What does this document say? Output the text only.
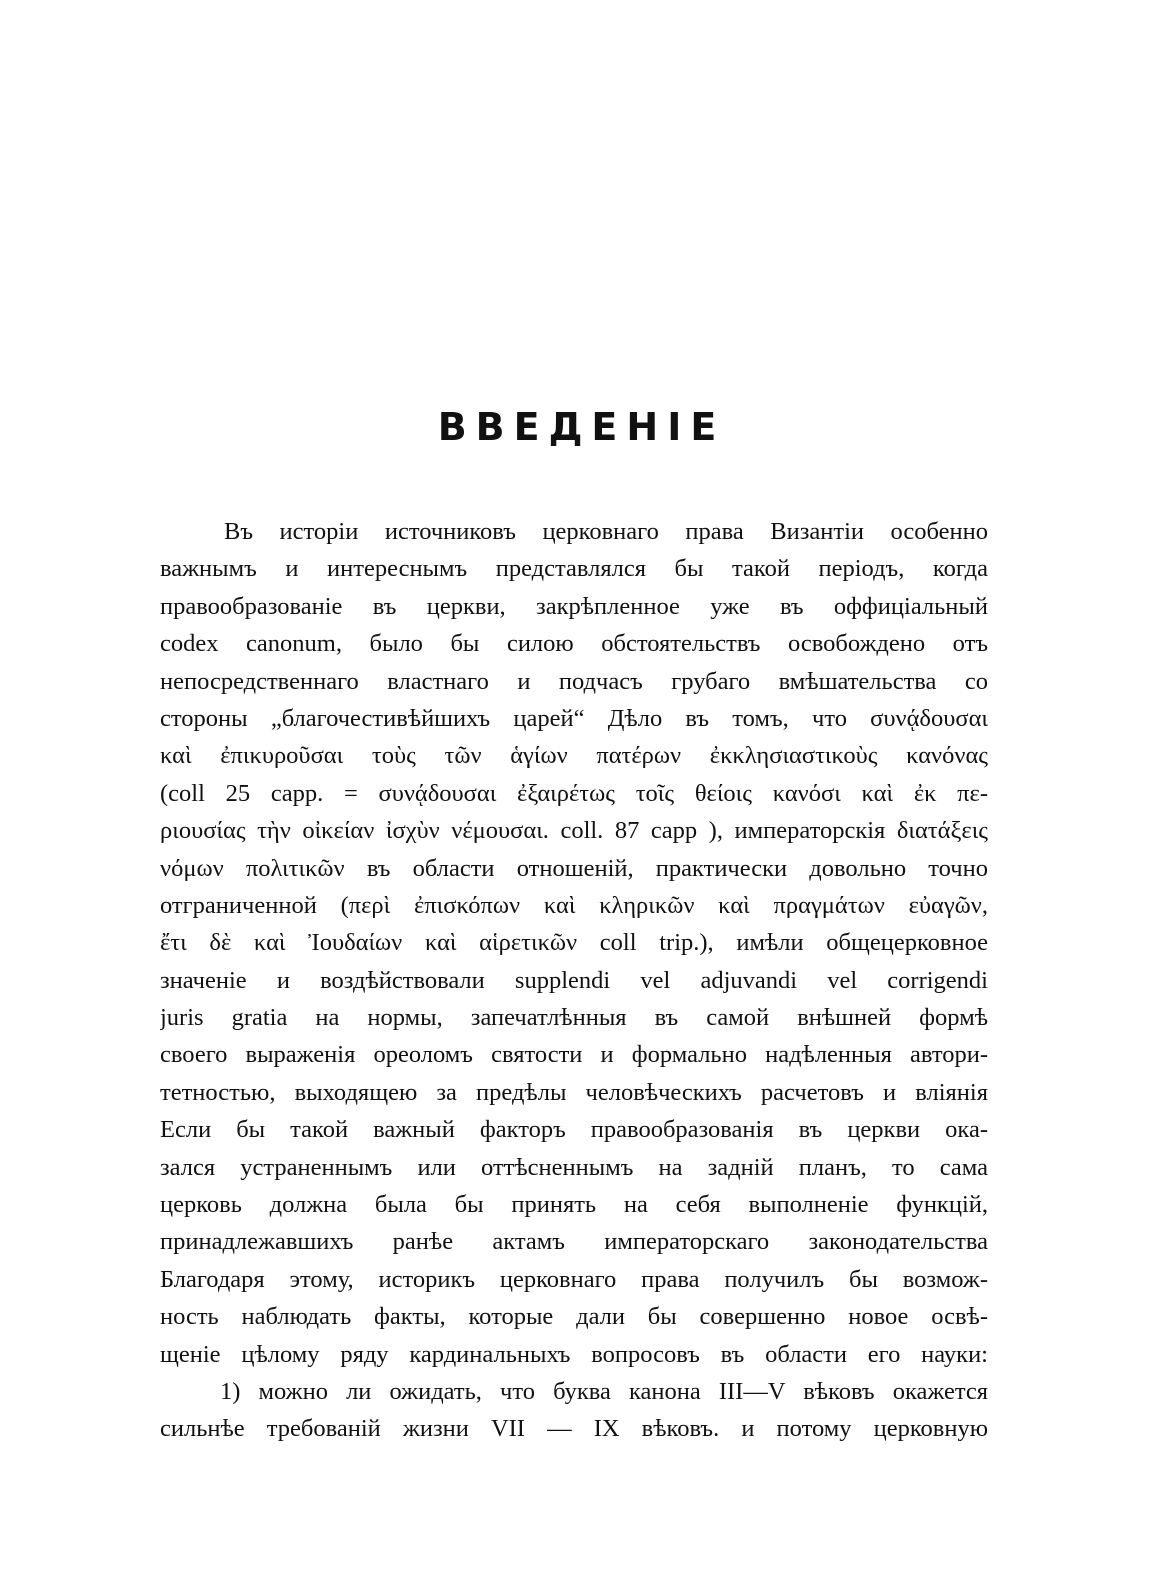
ВВЕДЕНІЕ
Въ исторіи источниковъ церковнаго права Византіи особенно
важнымъ и интереснымъ представлялся бы такой періодъ, когда
правообразованіе въ церкви, закрѣпленное уже въ оффиціальный
codex canonum, было бы силою обстоятельствъ освобождено отъ
непосредственнаго властнаго и подчасъ грубаго вмѣшательства со
стороны „благочестивѣйшихъ царей“ Дѣло въ томъ, что συνᾴδουσαι
καὶ ἐπικυροῦσαι τοὺς τῶν ἁγίων πατέρων ἐκκλησιαστικοὺς κανόνας
(coll 25 capp. = συνᾴδουσαι ἐξαιρέτως τοῖς θείοις κανόσι καὶ ἐκ πε-
ριουσίας τὴν οἰκείαν ἰσχὺν νέμουσαι. coll. 87 capp ), императорскія διατάξεις
νόμων πολιτικῶν въ области отношеній, практически довольно точно
отграниченной (περὶ ἐπισκόπων καὶ κληρικῶν καὶ πραγμάτων εὐαγῶν,
ἔτι δὲ καὶ Ἰουδαίων καὶ αἱρετικῶν coll trip.), имѣли общецерковное
значеніе и воздѣйствовали supplendi vel adjuvandi vel corrigendi
juris gratia на нормы, запечатлѣнныя въ самой внѣшней формѣ
своего выраженія ореоломъ святости и формально надѣленныя автори-
тетностью, выходящею за предѣлы человѣческихъ расчетовъ и вліянія
Если бы такой важный факторъ правообразованія въ церкви ока-
зался устраненнымъ или оттѣсненнымъ на задній планъ, то сама
церковь должна была бы принять на себя выполненіе функцій,
принадлежавшихъ ранѣе актамъ императорскаго законодательства
Благодаря этому, историкъ церковнаго права получилъ бы возмож-
ность наблюдать факты, которые дали бы совершенно новое освѣ-
щеніе цѣлому ряду кардинальныхъ вопросовъ въ области его науки:
1) можно ли ожидать, что буква канона III—V вѣковъ окажется
сильнѣе требованій жизни VII — IX вѣковъ. и потому церковную
